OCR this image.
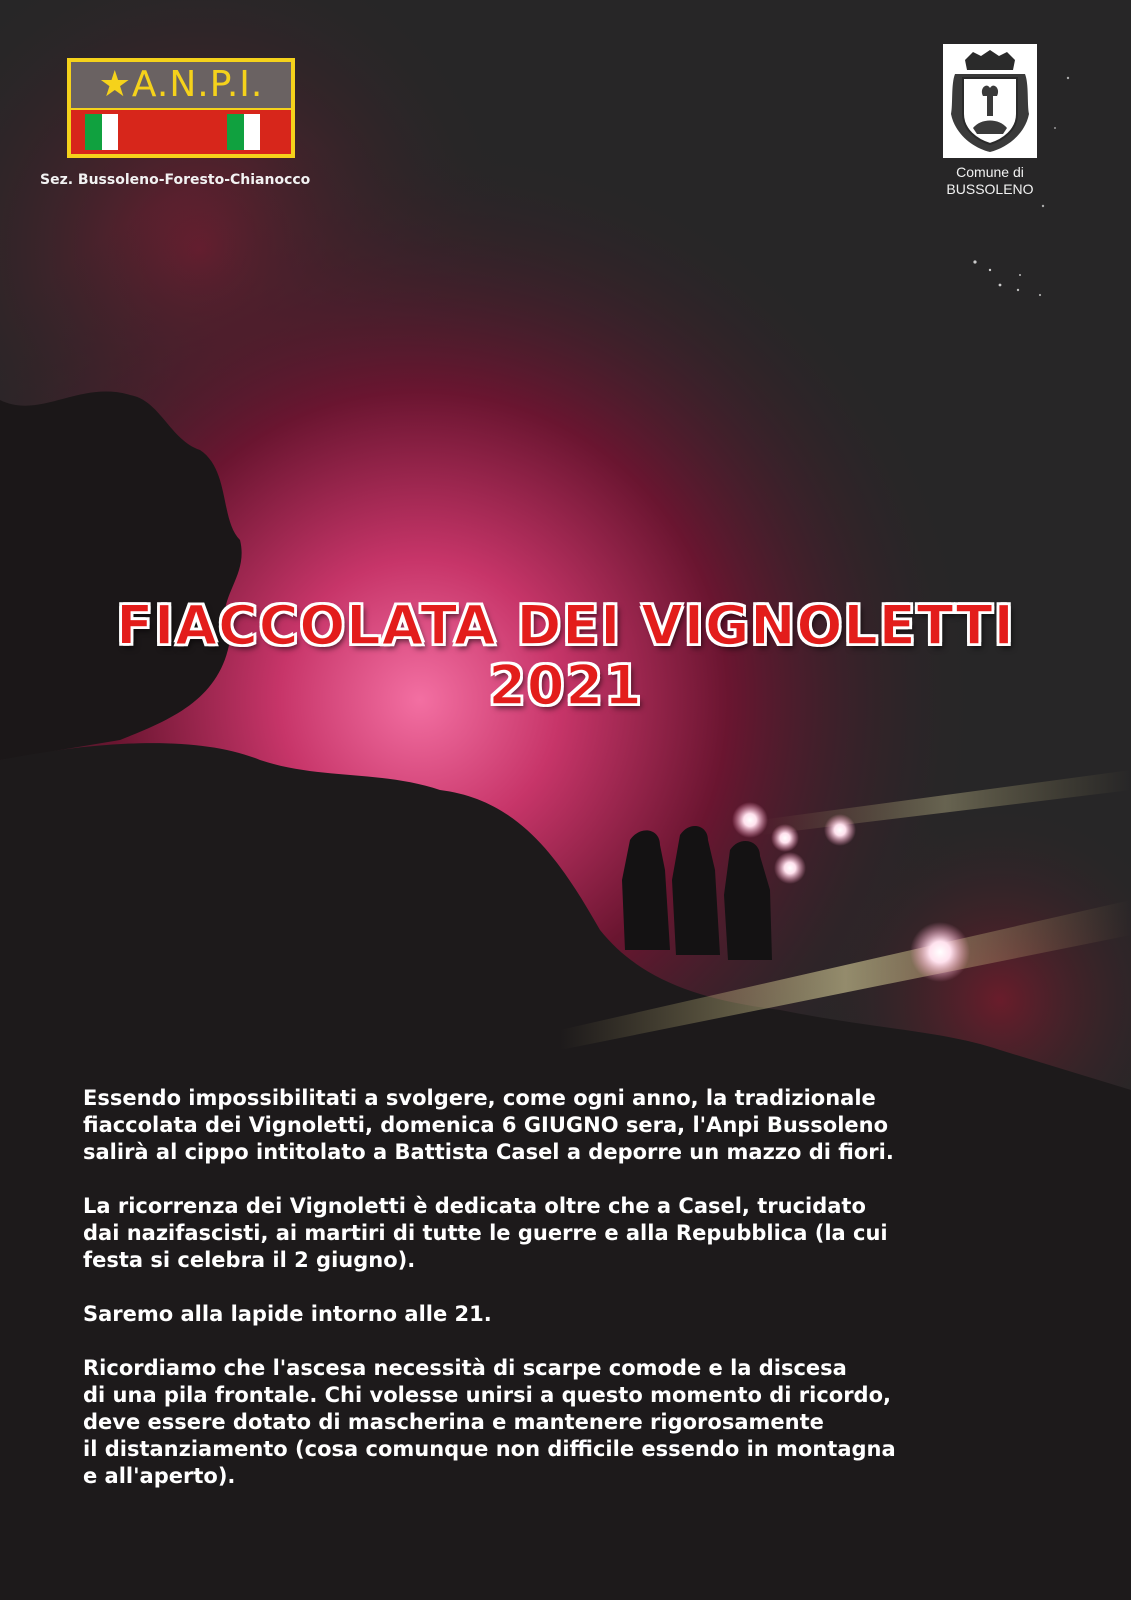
★A.N.P.I.
Sez. Bussoleno-Foresto-Chianocco	Comune di
BUSSOLENO
FIACCOLATA DEI VIGNOLETTI
2021

Essendo impossibilitati a svolgere, come ogni anno, la tradizionale
fiaccolata dei Vignoletti, domenica 6 GIUGNO sera, l'Anpi Bussoleno
salirà al cippo intitolato a Battista Casel a deporre un mazzo di fiori.

La ricorrenza dei Vignoletti è dedicata oltre che a Casel, trucidato
dai nazifascisti, ai martiri di tutte le guerre e alla Repubblica (la cui
festa si celebra il 2 giugno).

Saremo alla lapide intorno alle 21.

Ricordiamo che l'ascesa necessità di scarpe comode e la discesa
di una pila frontale. Chi volesse unirsi a questo momento di ricordo,
deve essere dotato di mascherina e mantenere rigorosamente
il distanziamento (cosa comunque non difficile essendo in montagna
e all'aperto).
